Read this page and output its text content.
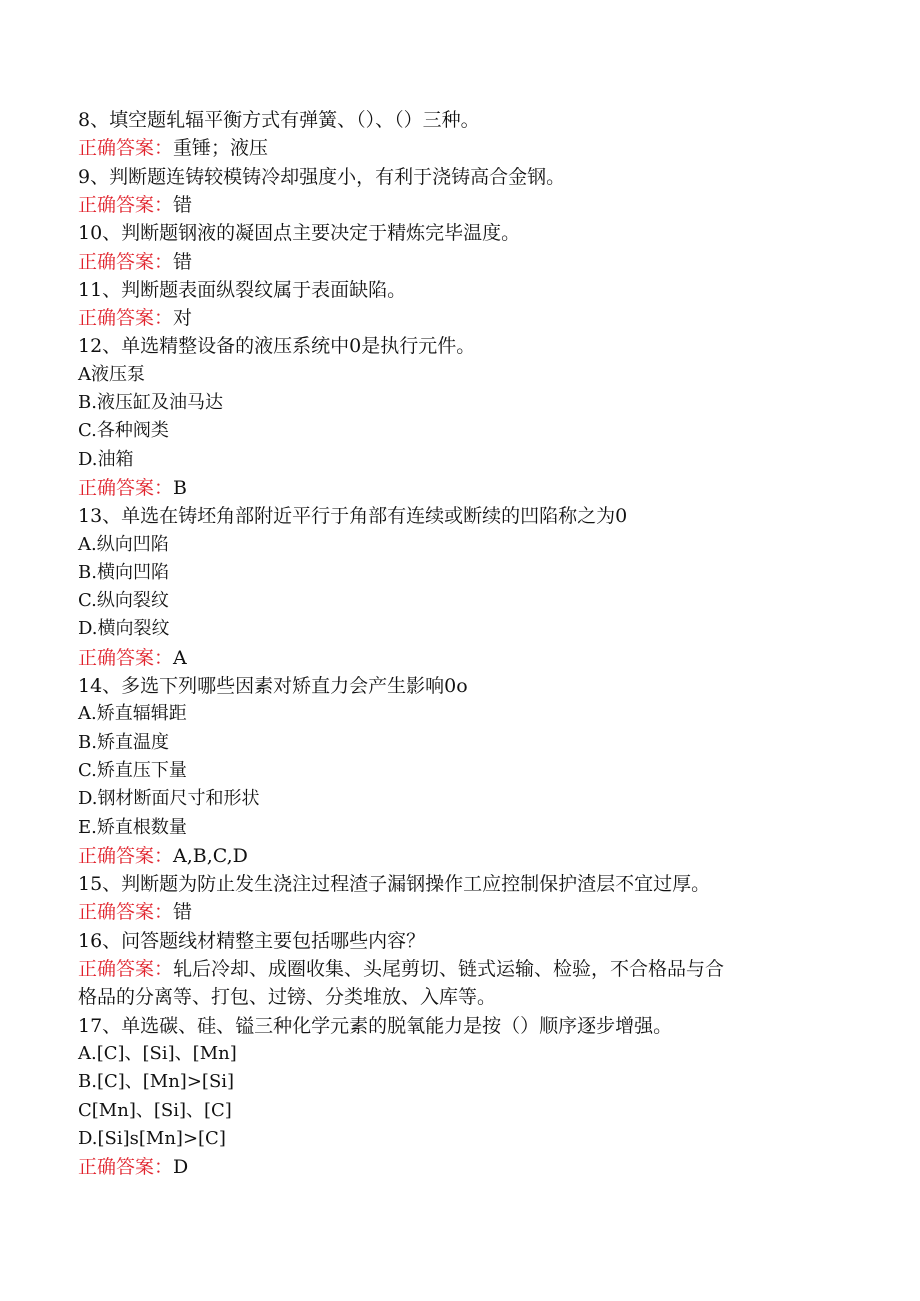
8、填空题轧辐平衡方式有弹簧、（）、（）三种。
正确答案：重锤；液压
9、判断题连铸较模铸冷却强度小，有利于浇铸高合金钢。
正确答案：错
10、判断题钢液的凝固点主要决定于精炼完毕温度。
正确答案：错
11、判断题表面纵裂纹属于表面缺陷。
正确答案：对
12、单选精整设备的液压系统中0是执行元件。
A液压泵
B.液压缸及油马达
C.各种阀类
D.油箱
正确答案：B
13、单选在铸坯角部附近平行于角部有连续或断续的凹陷称之为0
A.纵向凹陷
B.横向凹陷
C.纵向裂纹
D.横向裂纹
正确答案：A
14、多选下列哪些因素对矫直力会产生影响0o
A.矫直辐辑距
B.矫直温度
C.矫直压下量
D.钢材断面尺寸和形状
E.矫直根数量
正确答案：A,B,C,D
15、判断题为防止发生浇注过程渣子漏钢操作工应控制保护渣层不宜过厚。
正确答案：错
16、问答题线材精整主要包括哪些内容？
正确答案：轧后冷却、成圈收集、头尾剪切、链式运输、检验，不合格品与合
格品的分离等、打包、过镑、分类堆放、入库等。
17、单选碳、硅、镒三种化学元素的脱氧能力是按（）顺序逐步增强。
A.[C]、[Si]、[Mn]
B.[C]、[Mn]>[Si]
C[Mn]、[Si]、[C]
D.[Si]s[Mn]>[C]
正确答案：D
